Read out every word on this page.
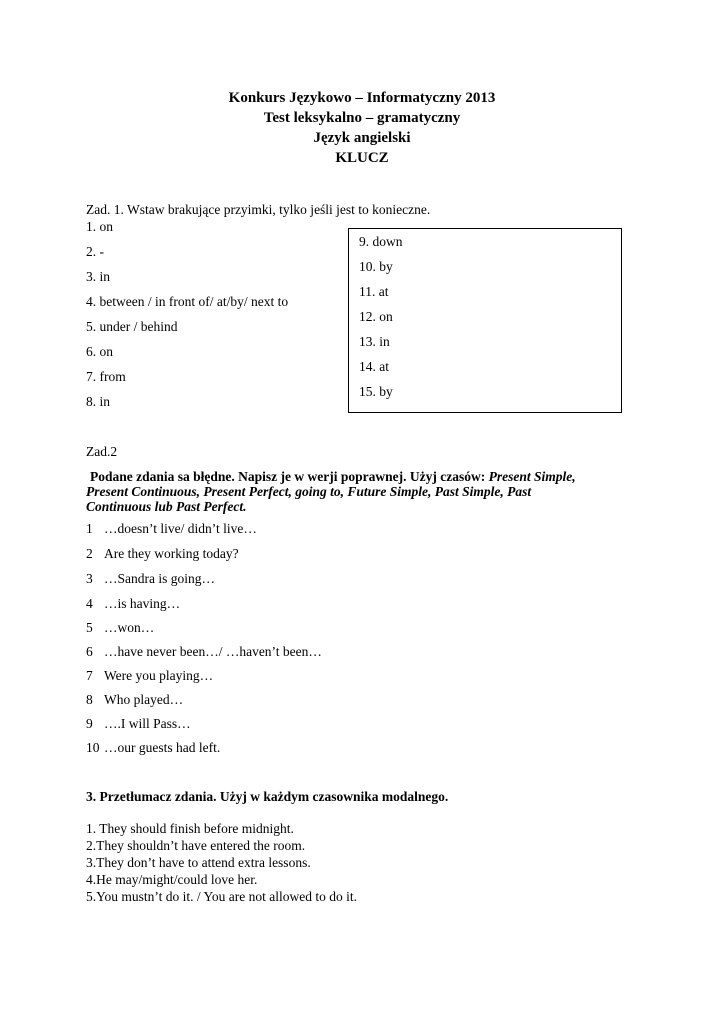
Konkurs Językowo – Informatyczny 2013
Test leksykalno – gramatyczny
Język angielski
KLUCZ
Zad. 1. Wstaw brakujące przyimki, tylko jeśli jest to konieczne.
1. on
2. -
3. in
4. between / in front of/ at/by/ next to
5. under / behind
6. on
7. from
8. in
9. down
10. by
11. at
12. on
13. in
14. at
15. by
Zad.2
Podane zdania sa błędne. Napisz je w werji poprawnej. Użyj czasów: Present Simple,
Present Continuous, Present Perfect, going to, Future Simple, Past Simple, Past
Continuous lub Past Perfect.
1 …doesn’t live/ didn’t live…
2 Are they working today?
3 …Sandra is going…
4 …is having…
5 …won…
6 …have never been…/ …haven’t been…
7 Were you playing…
8 Who played…
9 ….I will Pass…
10 …our guests had left.
3. Przetłumacz zdania. Użyj w każdym czasownika modalnego.
1. They should finish before midnight.
2.They shouldn’t have entered the room.
3.They don’t have to attend extra lessons.
4.He may/might/could love her.
5.You mustn’t do it. / You are not allowed to do it.
